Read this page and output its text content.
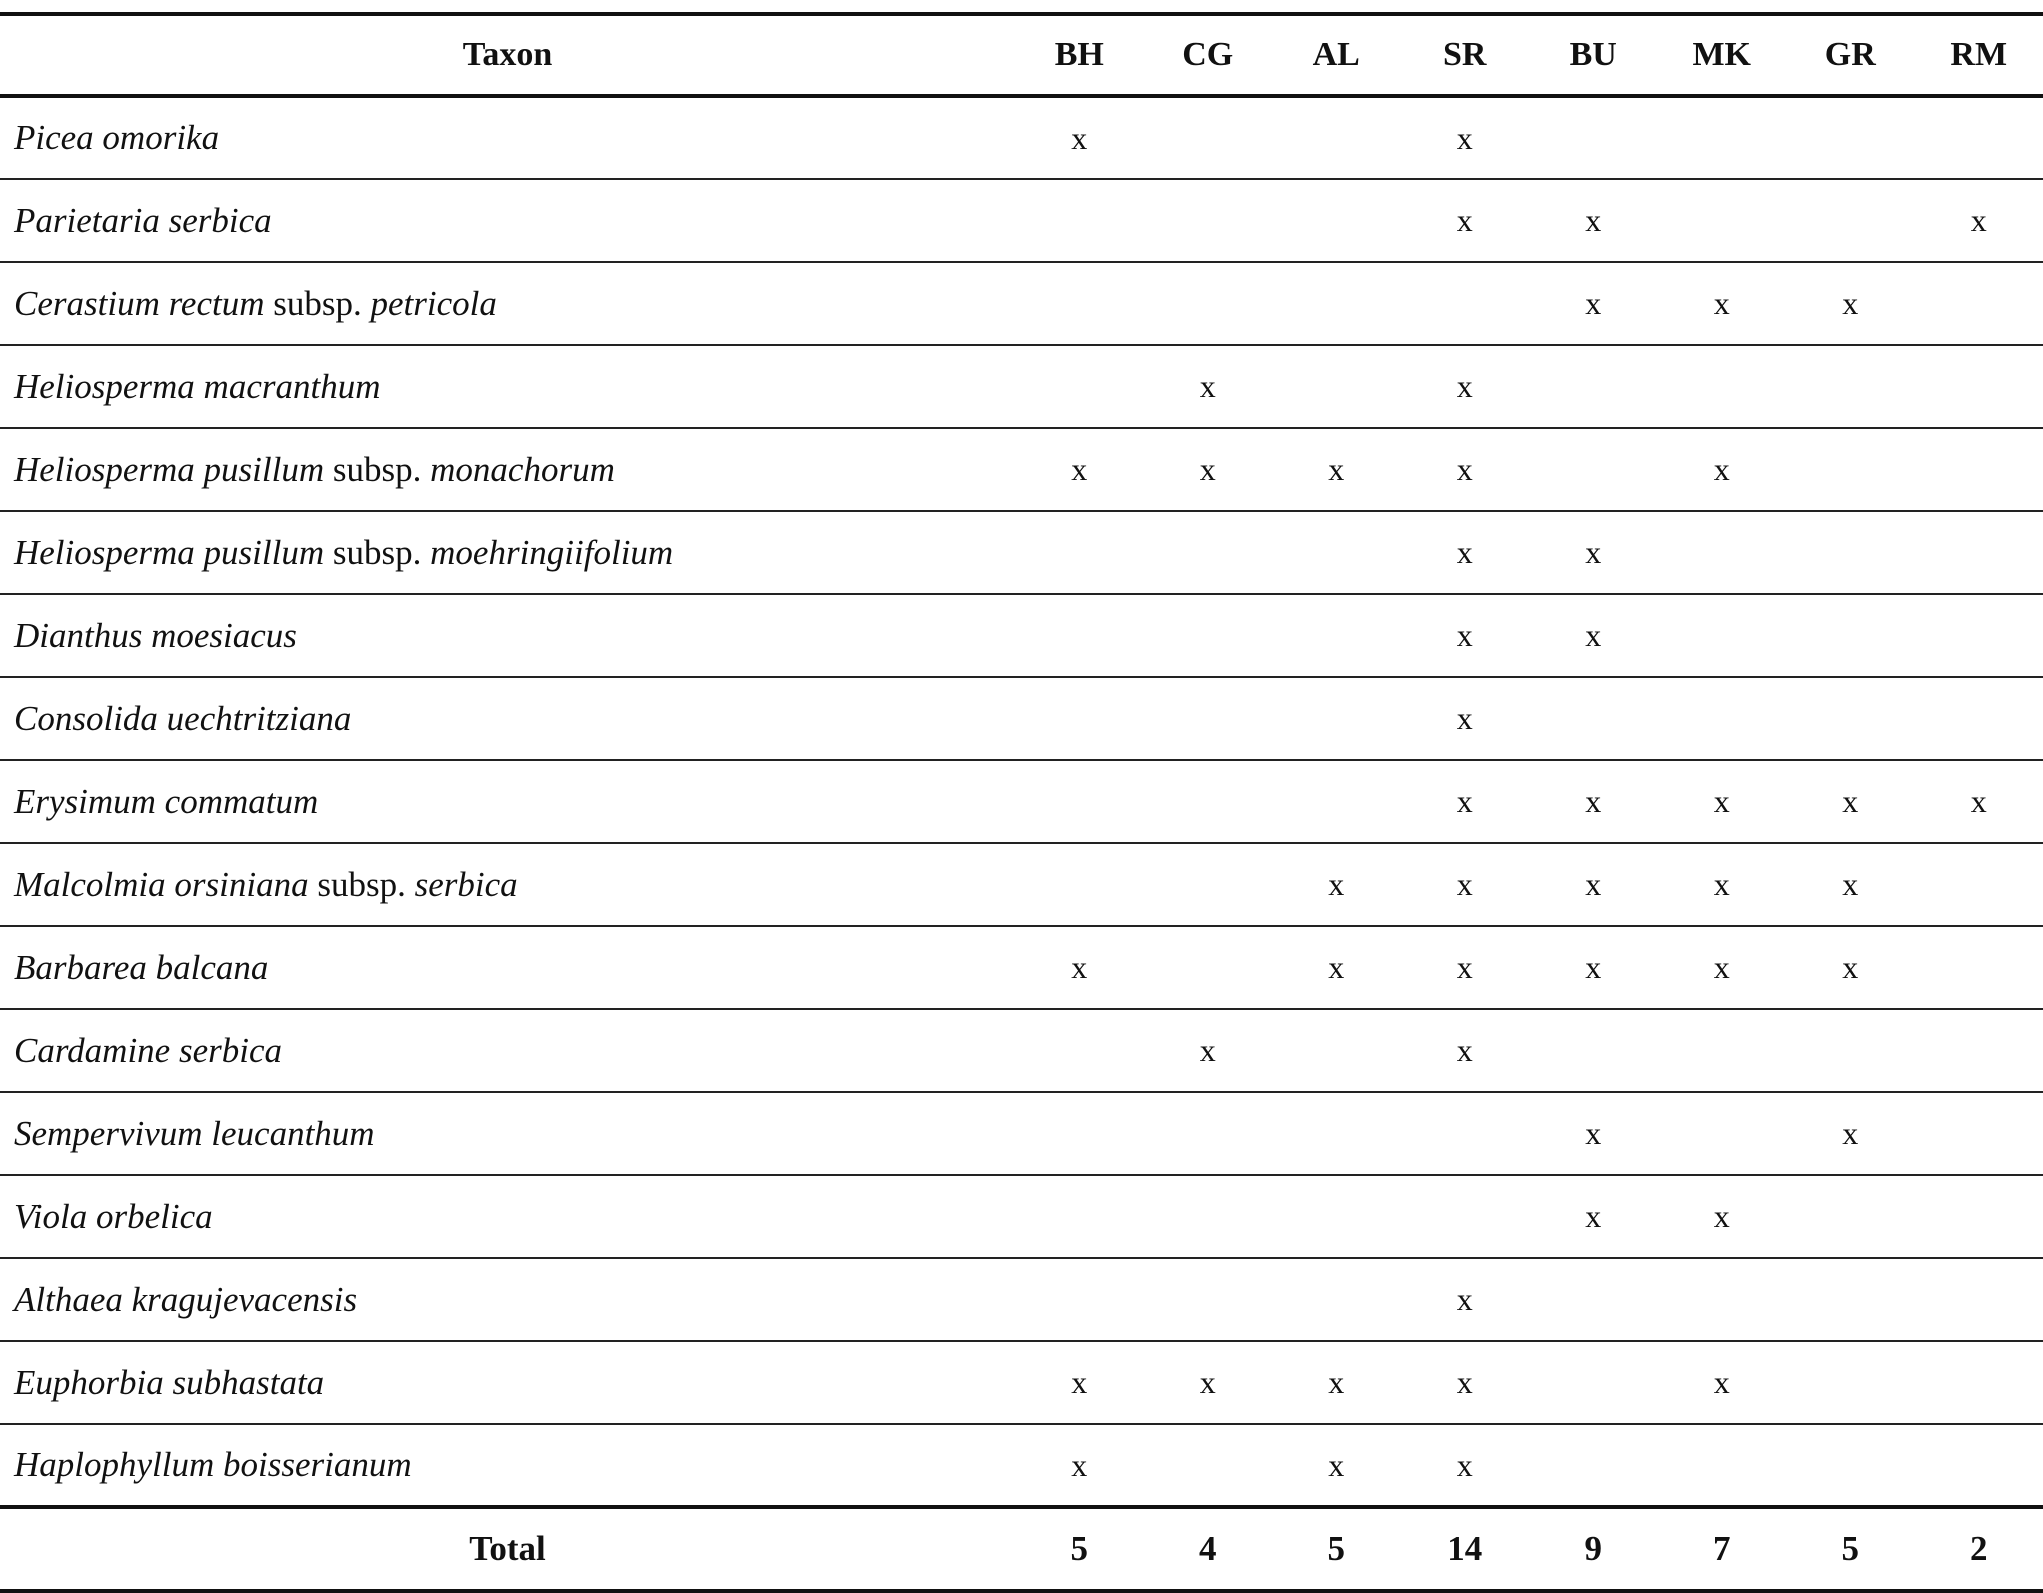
Taxon	BH	CG	AL	SR	BU	MK	GR	RM
Picea omorika	x			x				
Parietaria serbica				x	x			x
Cerastium rectum subsp. petricola					x	x	x	
Heliosperma macranthum		x		x				
Heliosperma pusillum subsp. monachorum	x	x	x	x		x		
Heliosperma pusillum subsp. moehringiifolium				x	x			
Dianthus moesiacus				x	x			
Consolida uechtritziana				x				
Erysimum commatum				x	x	x	x	x
Malcolmia orsiniana subsp. serbica			x	x	x	x	x	
Barbarea balcana	x		x	x	x	x	x	
Cardamine serbica		x		x				
Sempervivum leucanthum					x		x	
Viola orbelica					x	x		
Althaea kragujevacensis				x				
Euphorbia subhastata	x	x	x	x		x		
Haplophyllum boisserianum	x		x	x				
Total	5	4	5	14	9	7	5	2
